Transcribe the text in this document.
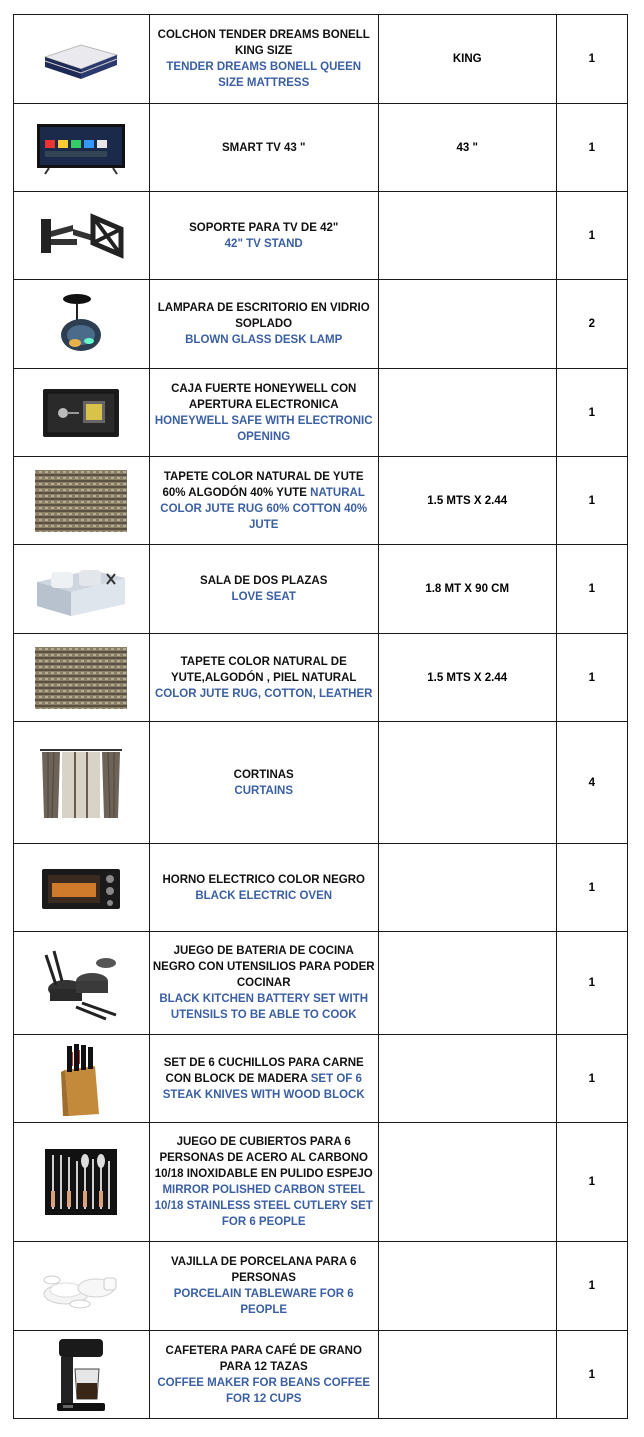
	COLCHON TENDER DREAMS BONELL KING SIZE
TENDER DREAMS BONELL QUEEN SIZE MATTRESS	KING	1

	SMART TV 43 "	43 "	1

	SOPORTE PARA TV DE 42"
42" TV STAND		1

	LAMPARA DE ESCRITORIO EN VIDRIO SOPLADO
BLOWN GLASS DESK LAMP		2

	CAJA FUERTE HONEYWELL CON APERTURA ELECTRONICA
HONEYWELL SAFE WITH ELECTRONIC OPENING		1

	TAPETE COLOR NATURAL DE YUTE 60% ALGODÓN 40% YUTE NATURAL COLOR JUTE RUG 60% COTTON 40% JUTE	1.5 MTS X 2.44	1

	SALA DE DOS PLAZAS
LOVE SEAT	1.8 MT X 90 CM	1

	TAPETE COLOR NATURAL DE YUTE,ALGODÓN , PIEL NATURAL
COLOR JUTE RUG, COTTON, LEATHER	1.5 MTS X 2.44	1

	CORTINAS
CURTAINS		4

	HORNO ELECTRICO COLOR NEGRO
BLACK ELECTRIC OVEN		1

	JUEGO DE BATERIA DE COCINA NEGRO CON UTENSILIOS PARA PODER COCINAR
BLACK KITCHEN BATTERY SET WITH UTENSILS TO BE ABLE TO COOK		1

	SET DE 6 CUCHILLOS PARA CARNE CON BLOCK DE MADERA SET OF 6 STEAK KNIVES WITH WOOD BLOCK		1

	JUEGO DE CUBIERTOS PARA 6 PERSONAS DE ACERO AL CARBONO 10/18 INOXIDABLE EN PULIDO ESPEJO
MIRROR POLISHED CARBON STEEL 10/18 STAINLESS STEEL CUTLERY SET FOR 6 PEOPLE		1

	VAJILLA DE PORCELANA PARA 6 PERSONAS
PORCELAIN TABLEWARE FOR 6 PEOPLE		1

	CAFETERA PARA CAFÉ DE GRANO PARA 12 TAZAS
COFFEE MAKER FOR BEANS COFFEE FOR 12 CUPS		1
